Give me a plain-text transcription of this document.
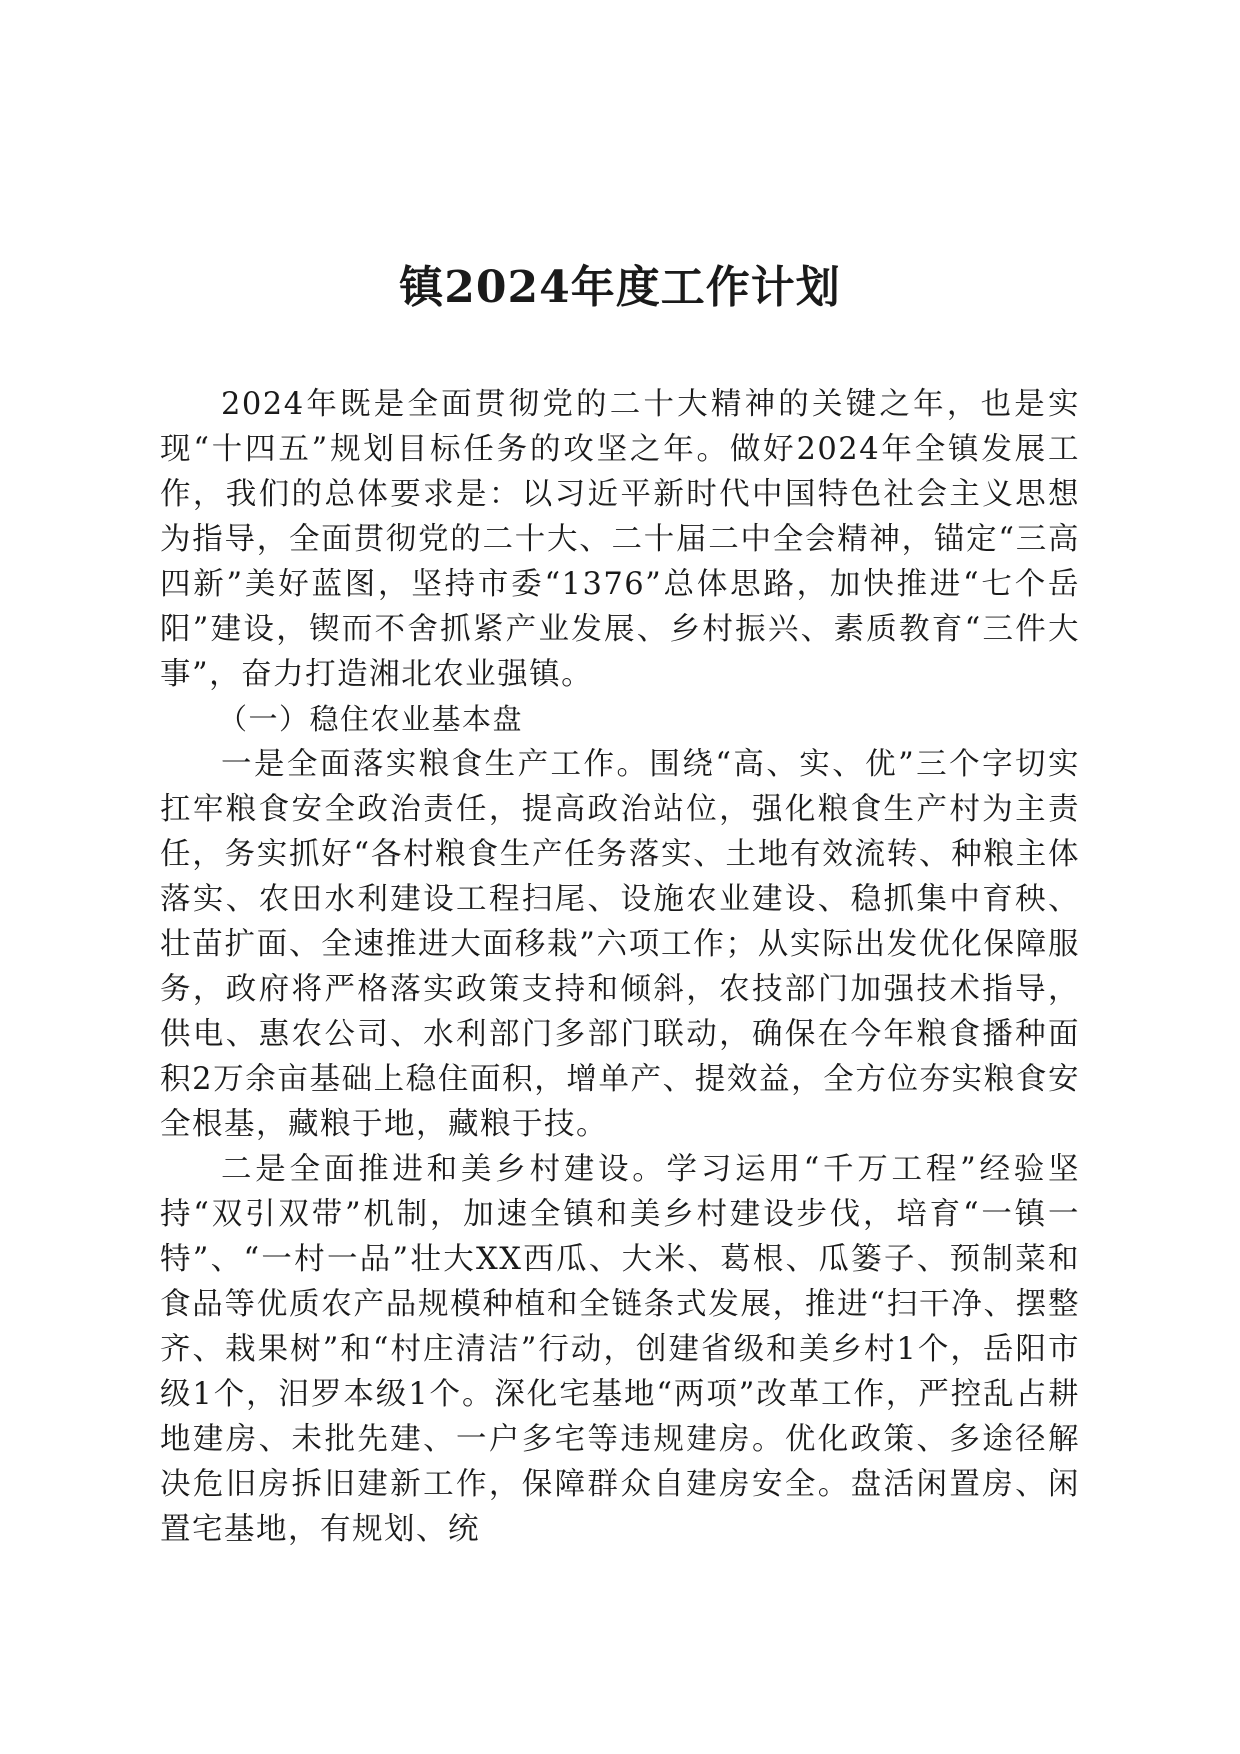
镇2024年度工作计划

2024年既是全面贯彻党的二十大精神的关键之年，也是实现“十四五”规划目标任务的攻坚之年。做好2024年全镇发展工作，我们的总体要求是：以习近平新时代中国特色社会主义思想为指导，全面贯彻党的二十大、二十届二中全会精神，锚定“三高四新”美好蓝图，坚持市委“1376”总体思路，加快推进“七个岳阳”建设，锲而不舍抓紧产业发展、乡村振兴、素质教育“三件大事”，奋力打造湘北农业强镇。

（一）稳住农业基本盘

一是全面落实粮食生产工作。围绕“高、实、优”三个字切实扛牢粮食安全政治责任，提高政治站位，强化粮食生产村为主责任，务实抓好“各村粮食生产任务落实、土地有效流转、种粮主体落实、农田水利建设工程扫尾、设施农业建设、稳抓集中育秧、壮苗扩面、全速推进大面移栽”六项工作；从实际出发优化保障服务，政府将严格落实政策支持和倾斜，农技部门加强技术指导，供电、惠农公司、水利部门多部门联动，确保在今年粮食播种面积2万余亩基础上稳住面积，增单产、提效益，全方位夯实粮食安全根基，藏粮于地，藏粮于技。

二是全面推进和美乡村建设。学习运用“千万工程”经验坚持“双引双带”机制，加速全镇和美乡村建设步伐，培育“一镇一特”、“一村一品”壮大XX西瓜、大米、葛根、瓜篓子、预制菜和食品等优质农产品规模种植和全链条式发展，推进“扫干净、摆整齐、栽果树”和“村庄清洁”行动，创建省级和美乡村1个，岳阳市级1个，汨罗本级1个。深化宅基地“两项”改革工作，严控乱占耕地建房、未批先建、一户多宅等违规建房。优化政策、多途径解决危旧房拆旧建新工作，保障群众自建房安全。盘活闲置房、闲置宅基地，有规划、统
